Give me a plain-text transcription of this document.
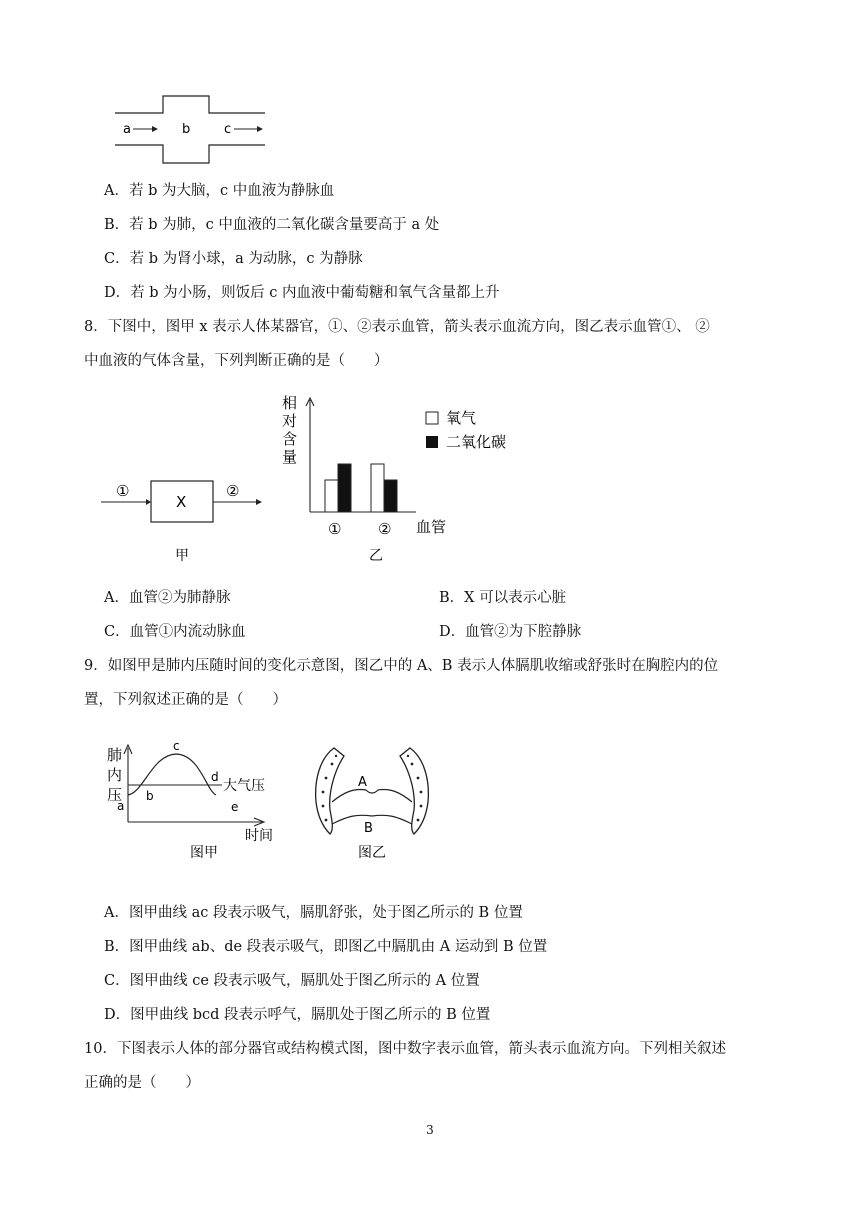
a	b	c
A．若 b 为大脑，c 中血液为静脉血
B．若 b 为肺，c 中血液的二氧化碳含量要高于 a 处
C．若 b 为肾小球，a 为动脉，c 为静脉
D．若 b 为小肠，则饭后 c 内血液中葡萄糖和氧气含量都上升
8．下图中，图甲 x 表示人体某器官，①、②表示血管，箭头表示血流方向，图乙表示血管①、 ②
中血液的气体含量，下列判断正确的是（　　）
①
X
②
甲
相
对
含
量
① ② 血管
氧气
二氧化碳
乙
A．血管②为肺静脉	B．X 可以表示心脏
C．血管①内流动脉血	D．血管②为下腔静脉
9．如图甲是肺内压随时间的变化示意图，图乙中的 A、B 表示人体膈肌收缩或舒张时在胸腔内的位
置，下列叙述正确的是（　　）
肺
内
压	大气压
a
b
c
d
e
时间
图甲
A
B
图乙
A．图甲曲线 ac 段表示吸气，膈肌舒张，处于图乙所示的 B 位置
B．图甲曲线 ab、de 段表示吸气，即图乙中膈肌由 A 运动到 B 位置
C．图甲曲线 ce 段表示吸气，膈肌处于图乙所示的 A 位置
D．图甲曲线 bcd 段表示呼气，膈肌处于图乙所示的 B 位置
10．下图表示人体的部分器官或结构模式图，图中数字表示血管，箭头表示血流方向。下列相关叙述
正确的是（　　）
3
